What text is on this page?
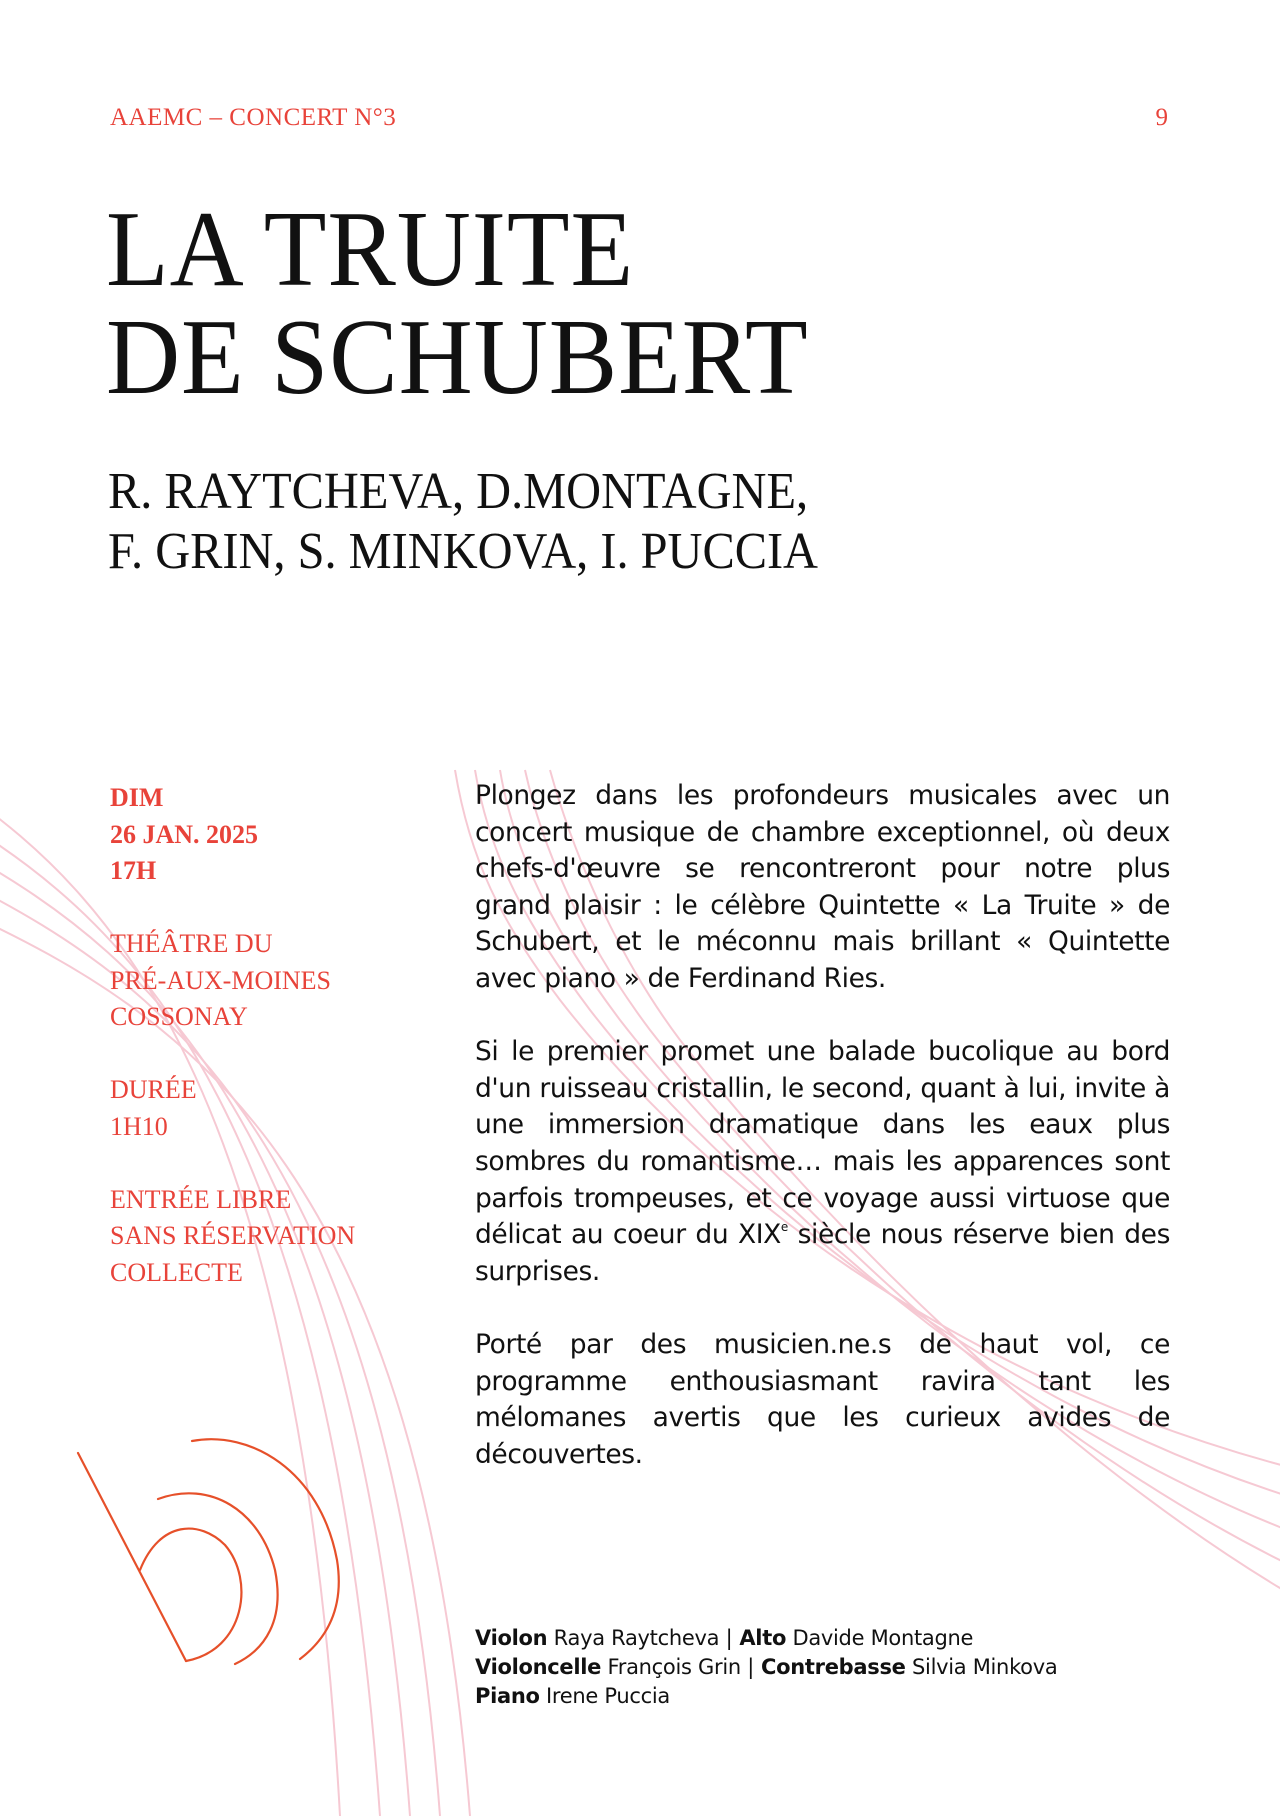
AAEMC – CONCERT N°3	9
LA TRUITE
DE SCHUBERT
R. RAYTCHEVA, D.MONTAGNE,
F. GRIN, S. MINKOVA, I. PUCCIA
DIM
26 JAN. 2025
17H
THÉÂTRE DU
PRÉ-AUX-MOINES
COSSONAY
DURÉE
1H10
ENTRÉE LIBRE
SANS RÉSERVATION
COLLECTE

Plongez dans les profondeurs musicales avec un concert musique de chambre exceptionnel, où deux chefs-d'œuvre se rencontreront pour notre plus grand plaisir : le célèbre Quintette « La Truite » de Schubert, et le méconnu mais brillant « Quintette avec piano » de Ferdinand Ries.

Si le premier promet une balade bucolique au bord d'un ruisseau cristallin, le second, quant à lui, invite à une immersion dramatique dans les eaux plus sombres du romantisme… mais les apparences sont parfois trompeuses, et ce voyage aussi virtuose que délicat au coeur du XIXe siècle nous réserve bien des surprises.

Porté par des musicien.ne.s de haut vol, ce programme enthousiasmant ravira tant les mélomanes avertis que les curieux avides de découvertes.

Violon Raya Raytcheva | Alto Davide Montagne
Violoncelle François Grin | Contrebasse Silvia Minkova
Piano Irene Puccia
